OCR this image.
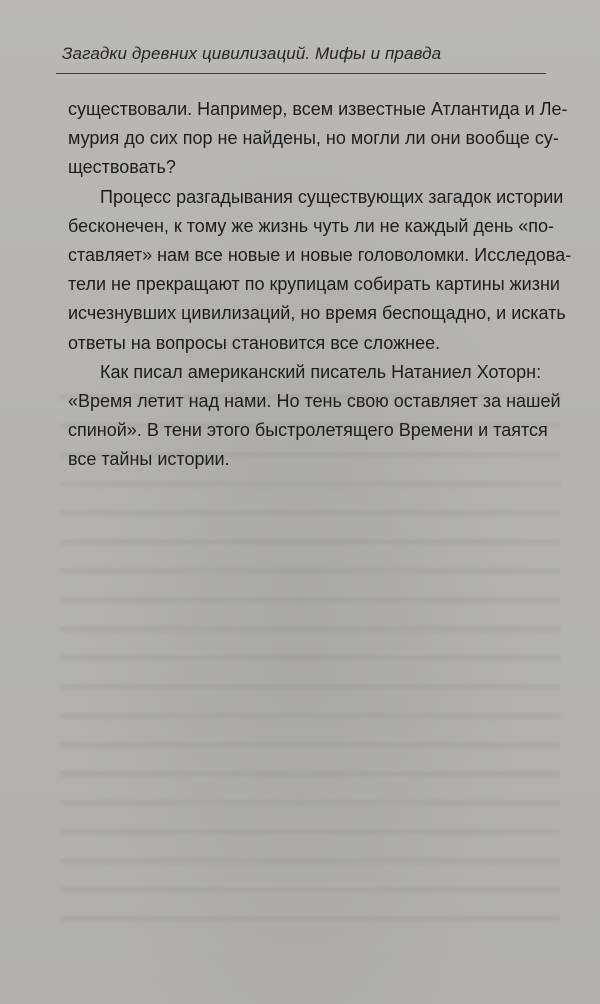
Загадки древних цивилизаций. Мифы и правда

существовали. Например, всем известные Атлантида и Ле-
мурия до сих пор не найдены, но могли ли они вообще су-
ществовать?

Процесс разгадывания существующих загадок истории
бесконечен, к тому же жизнь чуть ли не каждый день «по-
ставляет» нам все новые и новые головоломки. Исследова-
тели не прекращают по крупицам собирать картины жизни
исчезнувших цивилизаций, но время беспощадно, и искать
ответы на вопросы становится все сложнее.

Как писал американский писатель Натаниел Хоторн:
«Время летит над нами. Но тень свою оставляет за нашей
спиной». В тени этого быстролетящего Времени и таятся
все тайны истории.
